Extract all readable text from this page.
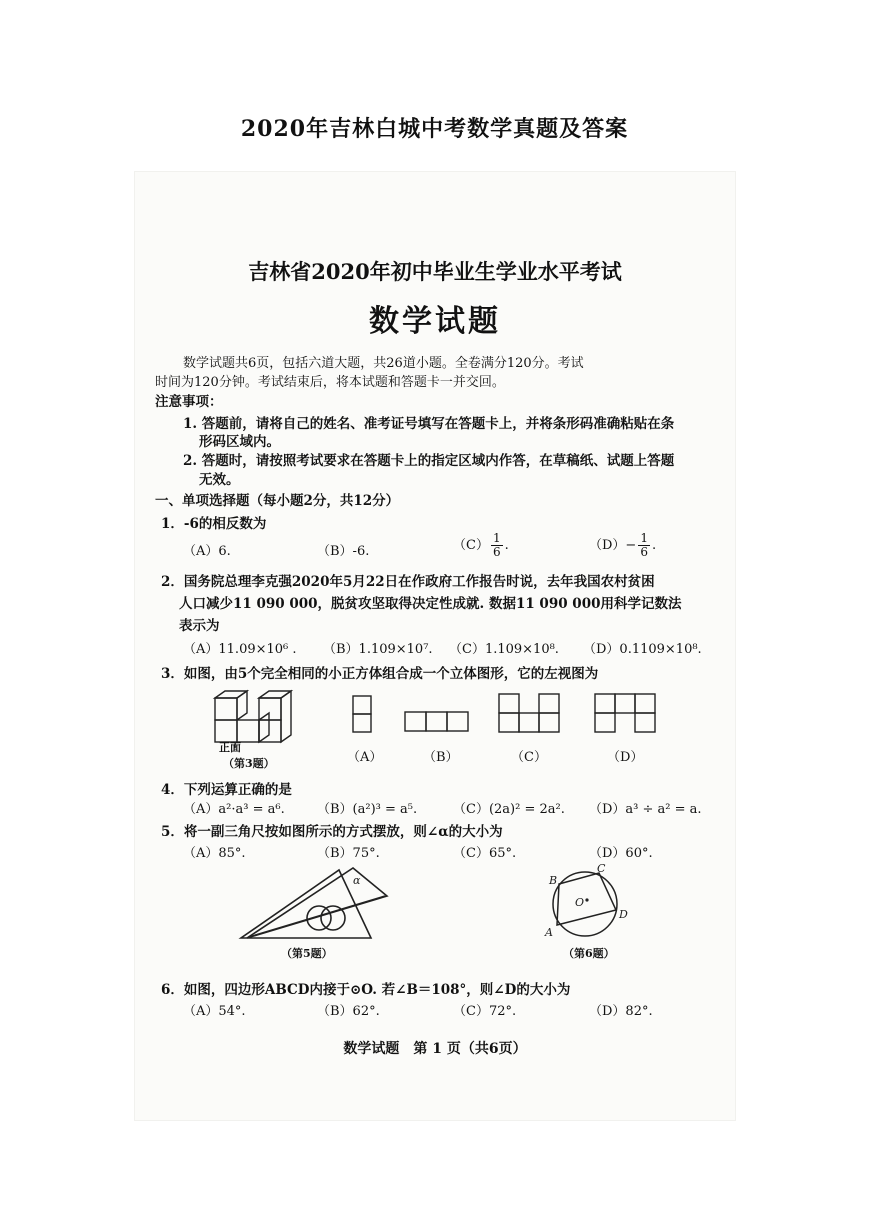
2020年吉林白城中考数学真题及答案
吉林省2020年初中毕业生学业水平考试
数学试题
数学试题共6页，包括六道大题，共26道小题。全卷满分120分。考试
时间为120分钟。考试结束后，将本试题和答题卡一并交回。
注意事项：
1. 答题前，请将自己的姓名、准考证号填写在答题卡上，并将条形码准确粘贴在条
形码区域内。
2. 答题时，请按照考试要求在答题卡上的指定区域内作答，在草稿纸、试题上答题
无效。
一、单项选择题（每小题2分，共12分）
1．-6的相反数为
（A）6.	（B）-6.	$(C) \frac{1}{6}$ .	$(D)- \frac{1}{6}$ .
2．国务院总理李克强2020年5月22日在作政府工作报告时说，去年我国农村贫困
人口减少11 090 000，脱贫攻坚取得决定性成就. 数据11 090 000用科学记数法
表示为
（A）11.09×10⁶ . （B）1.109×10⁷. （C）1.109×10⁸. （D）0.1109×10⁸.
3．如图，由5个完全相同的小正方体组合成一个立体图形，它的左视图为
正面
（第3题）	（A）	（B）	（C）	（D）
4．下列运算正确的是
（A）a²·a³ = a⁶. （B）(a²)³ = a⁵.	（C）(2a)² = 2a². （D）a³ ÷ a² = a.
5．将一副三角尺按如图所示的方式摆放，则∠α的大小为
（A）85°.	（B）75°.	（C）65°.	（D）60°.
α
（第5题）
B
C
D
A
O
（第6题）
6．如图，四边形ABCD内接于⊙O. 若∠B＝108°，则∠D的大小为
（A）54°.	（B）62°.	（C）72°.	（D）82°.
数学试题　第 1 页（共6页）
